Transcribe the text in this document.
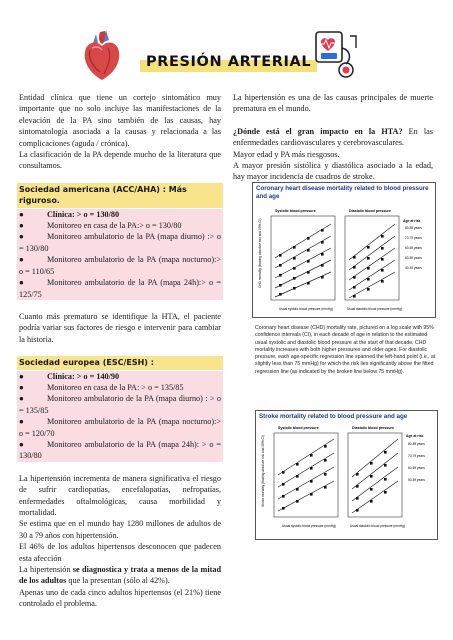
PRESIÓN ARTERIAL

Entidad clínica que tiene un cortejo sintomático muy importante que no solo incluye las manifestaciones de la elevación de la PA sino también de las causas, hay sintomatología asociada a la causas y relacionada a las complicaciones (aguda / crónica).

La clasificación de la PA depende mucho de la literatura que consultamos.

Sociedad americana (ACC/AHA) : Más riguroso.
●	Clínica: > o = 130/80
●	Monitoreo en casa de la PA:> o = 130/80
●	Monitoreo ambulatorio de la PA (mapa diurno) :> o = 130/80
●	Monitoreo ambulatorio de la PA (mapa nocturno):> o = 110/65
●	Monitoreo ambulatorio de la PA (mapa 24h):> o = 125/75

Cuanto más prematuro se identifique la HTA, el paciente podría variar sus factores de riesgo e intervenir para cambiar la historia.

Sociedad europea (ESC/ESH) :
●	Clínica: > o = 140/90
●	Monitoreo en casa de la PA: > o = 135/85
●	Monitoreo ambulatorio de la PA (mapa diurno) : > o = 135/85
●	Monitoreo ambulatorio de la PA (mapa nocturno):> o = 120/70
●	Monitoreo ambulatorio de la PA (mapa 24h): > o = 130/80

La hipertensión incrementa de manera significativa el riesgo de sufrir cardiopatías, encefalopatías, nefropatías, enfermedades oftalmológicas, causa morbilidad y mortalidad.

Se estima que en el mundo hay 1280 millones de adultos de 30 a 79 años con hipertensión.

El 46% de los adultos hipertensos desconocen que padecen esta afección

La hipertensión se diagnostica y trata a menos de la mitad de los adultos que la presentan (sólo al 42%).

Apenas uno de cada cinco adultos hipertensos (el 21%) tiene controlado el problema.

La hipertensión es una de las causas principales de muerte prematura en el mundo.

¿Dónde está el gran impacto en la HTA? En las enfermedades cardiovasculares y cerebrovasculares.

Mayor edad y PA más riesgosos.

A mayor presión sistólica y diastólica asociado a la edad, hay mayor incidencia de cuadros de stroke.

Coronary heart disease mortality related to blood pressure and age
Systolic blood pressure	Diastolic blood pressure
CHD mortality (floating absolute risk and 95% CI)	Age at risk
80-89 years
70-79 years
60-69 years
50-59 years
40-49 years
Usual systolic blood pressure (mmHg)	Usual diastolic blood pressure (mmHg)

Coronary heart disease (CHD) mortality rate, pictured on a log scale with 95% confidence intervals (CI), in each decade of age in relation to the estimated usual systolic and diastolic blood pressure at the start of that decade. CHD mortality increases with both higher pressures and older ages. For diastolic pressure, each age-specific regression line spanned the left-hand point (i.e., at slightly less than 75 mmHg) for which the risk lies significantly above the fitted regression line (as indicated by the broken line below 75 mmHg).

Stroke mortality related to blood pressure and age
Systolic blood pressure	Diastolic blood pressure
Stroke mortality (floating absolute risk and 95% CI)	Age at risk
80-89 years
70-79 years
60-69 years
50-59 years
Usual systolic blood pressure (mmHg)	Usual diastolic blood pressure (mmHg)
